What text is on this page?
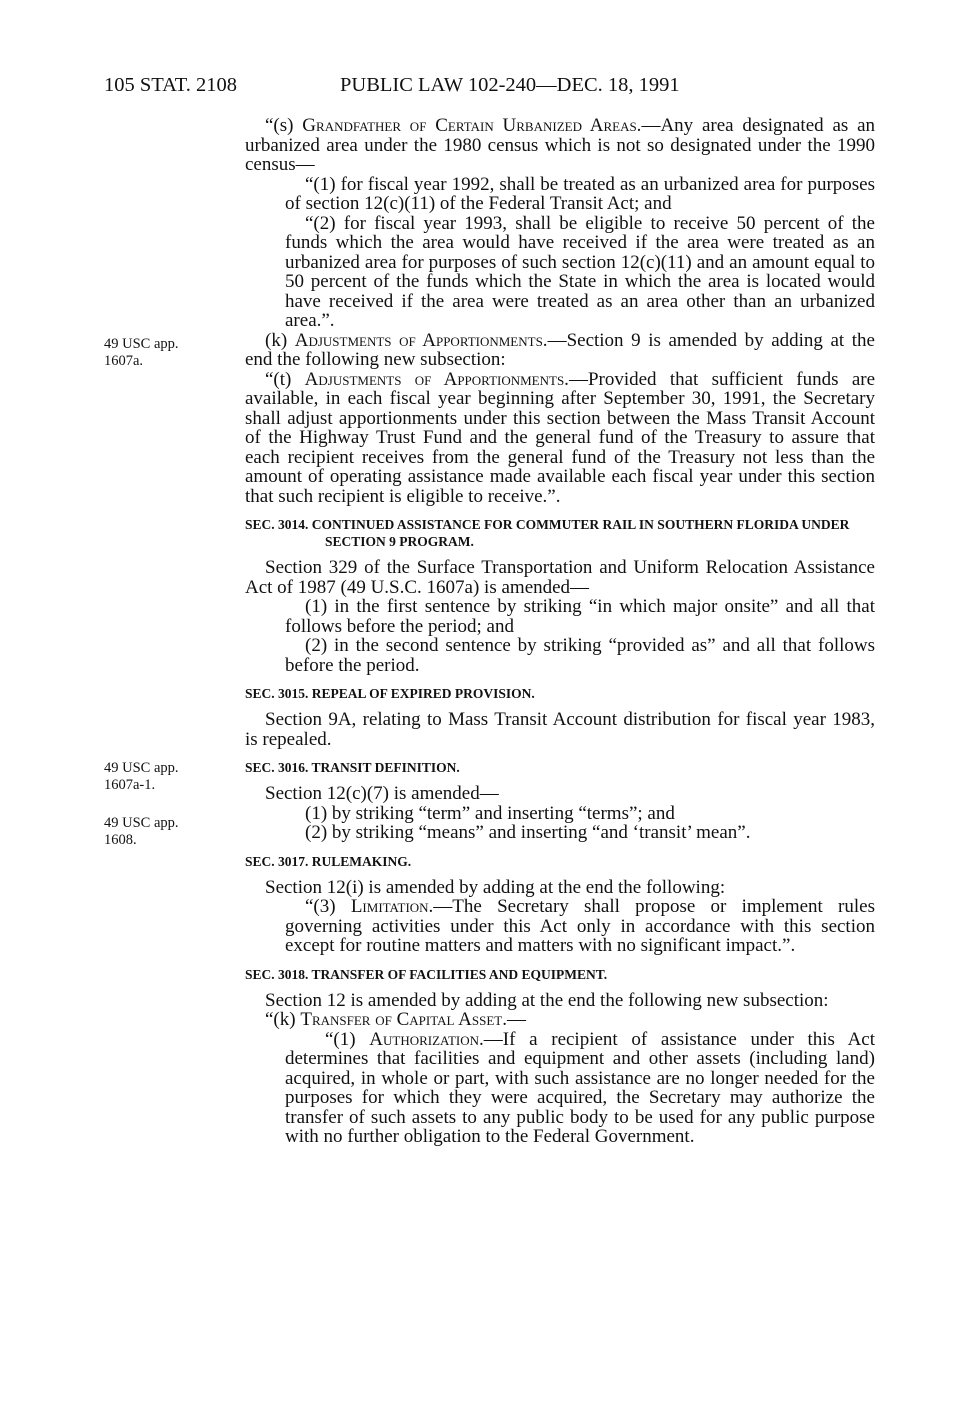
105 STAT. 2108	PUBLIC LAW 102-240—DEC. 18, 1991
49 USC app.
1607a.
49 USC app.
1607a-1.
49 USC app.
1608.

“(s) Grandfather of Certain Urbanized Areas.—Any area designated as an urbanized area under the 1980 census which is not so designated under the 1990 census—

“(1) for fiscal year 1992, shall be treated as an urbanized area for purposes of section 12(c)(11) of the Federal Transit Act; and

“(2) for fiscal year 1993, shall be eligible to receive 50 percent of the funds which the area would have received if the area were treated as an urbanized area for purposes of such section 12(c)(11) and an amount equal to 50 percent of the funds which the State in which the area is located would have received if the area were treated as an area other than an urbanized area.”.

(k) Adjustments of Apportionments.—Section 9 is amended by adding at the end the following new subsection:

“(t) Adjustments of Apportionments.—Provided that sufficient funds are available, in each fiscal year beginning after September 30, 1991, the Secretary shall adjust apportionments under this section between the Mass Transit Account of the Highway Trust Fund and the general fund of the Treasury to assure that each recipient receives from the general fund of the Treasury not less than the amount of operating assistance made available each fiscal year under this section that such recipient is eligible to receive.”.

SEC. 3014. CONTINUED ASSISTANCE FOR COMMUTER RAIL IN SOUTHERN FLORIDA UNDER SECTION 9 PROGRAM.

Section 329 of the Surface Transportation and Uniform Relocation Assistance Act of 1987 (49 U.S.C. 1607a) is amended—

(1) in the first sentence by striking “in which major onsite” and all that follows before the period; and

(2) in the second sentence by striking “provided as” and all that follows before the period.

SEC. 3015. REPEAL OF EXPIRED PROVISION.

Section 9A, relating to Mass Transit Account distribution for fiscal year 1983, is repealed.

SEC. 3016. TRANSIT DEFINITION.

Section 12(c)(7) is amended—

(1) by striking “term” and inserting “terms”; and

(2) by striking “means” and inserting “and ‘transit’ mean”.

SEC. 3017. RULEMAKING.

Section 12(i) is amended by adding at the end the following:

“(3) Limitation.—The Secretary shall propose or implement rules governing activities under this Act only in accordance with this section except for routine matters and matters with no significant impact.”.

SEC. 3018. TRANSFER OF FACILITIES AND EQUIPMENT.

Section 12 is amended by adding at the end the following new subsection:

“(k) Transfer of Capital Asset.—

“(1) Authorization.—If a recipient of assistance under this Act determines that facilities and equipment and other assets (including land) acquired, in whole or part, with such assistance are no longer needed for the purposes for which they were acquired, the Secretary may authorize the transfer of such assets to any public body to be used for any public purpose with no further obligation to the Federal Government.
